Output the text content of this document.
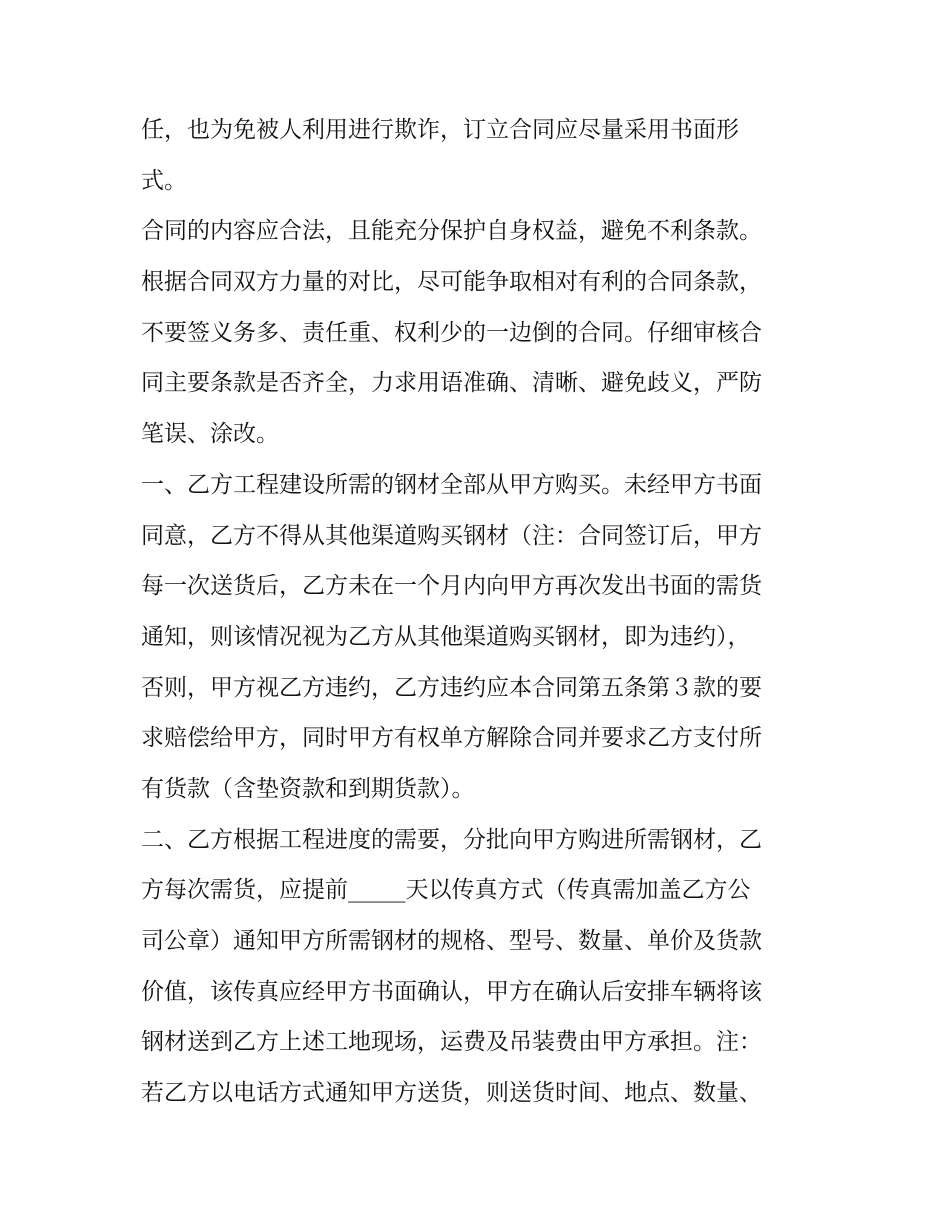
任，也为免被人利用进行欺诈，订立合同应尽量采用书面形
式。
合同的内容应合法，且能充分保护自身权益，避免不利条款。
根据合同双方力量的对比，尽可能争取相对有利的合同条款，
不要签义务多、责任重、权利少的一边倒的合同。仔细审核合
同主要条款是否齐全，力求用语准确、清晰、避免歧义，严防
笔误、涂改。
一、乙方工程建设所需的钢材全部从甲方购买。未经甲方书面
同意，乙方不得从其他渠道购买钢材（注：合同签订后，甲方
每一次送货后，乙方未在一个月内向甲方再次发出书面的需货
通知，则该情况视为乙方从其他渠道购买钢材，即为违约），
否则，甲方视乙方违约，乙方违约应本合同第五条第３款的要
求赔偿给甲方，同时甲方有权单方解除合同并要求乙方支付所
有货款（含垫资款和到期货款）。
二、乙方根据工程进度的需要，分批向甲方购进所需钢材，乙
方每次需货，应提前_____天以传真方式（传真需加盖乙方公
司公章）通知甲方所需钢材的规格、型号、数量、单价及货款
价值，该传真应经甲方书面确认，甲方在确认后安排车辆将该
钢材送到乙方上述工地现场，运费及吊装费由甲方承担。注：
若乙方以电话方式通知甲方送货，则送货时间、地点、数量、
